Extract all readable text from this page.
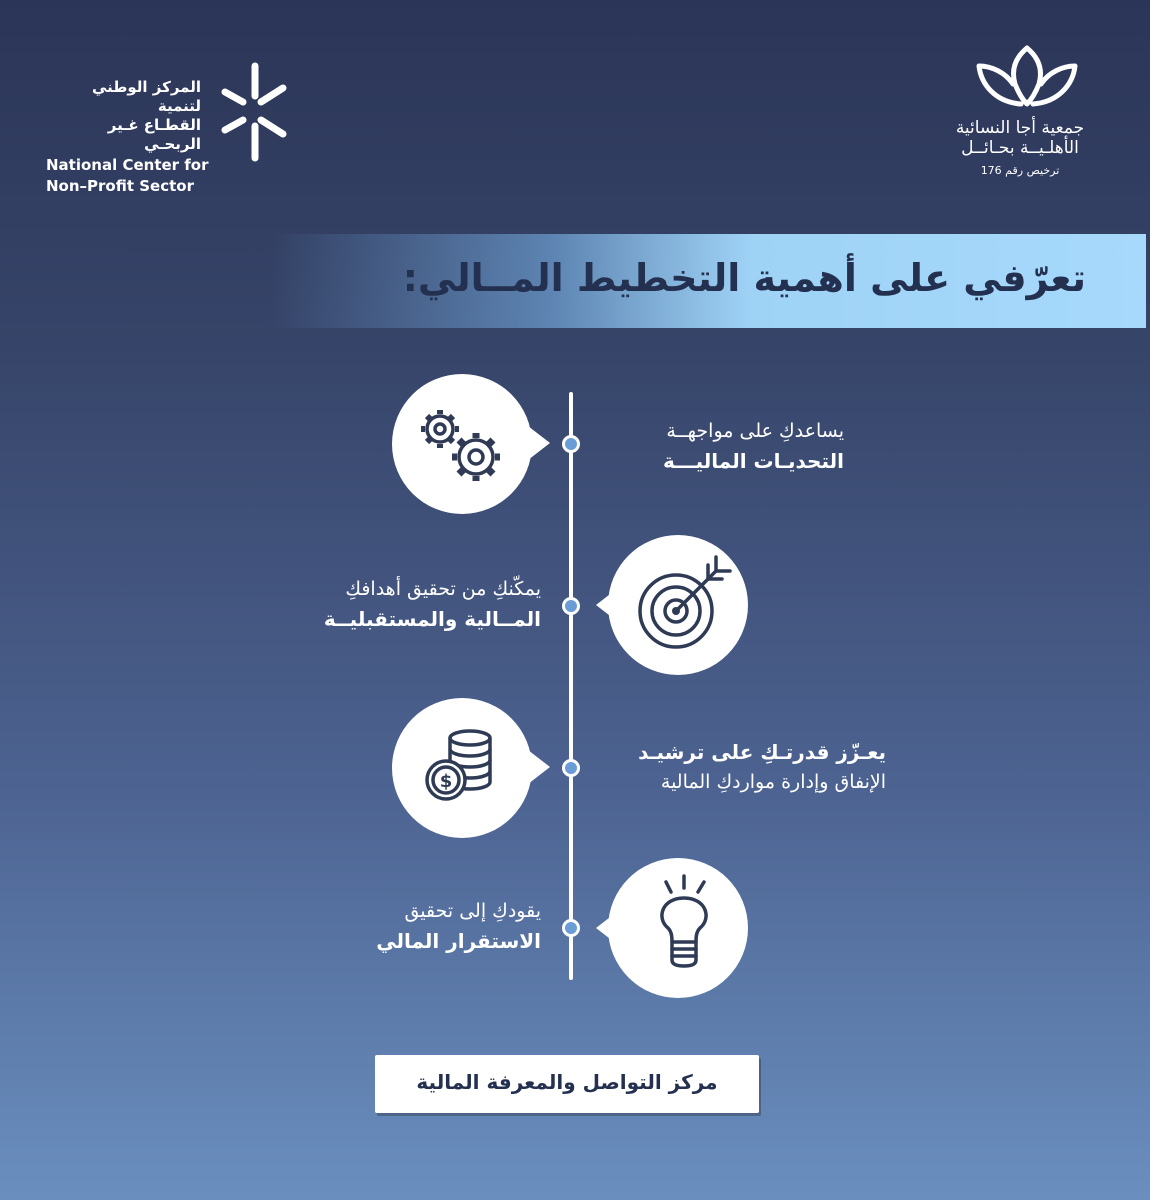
المركز الوطني لتنمية
القطـاع غـير الربحـي
National Center for
Non–Profit Sector
جمعية أجا النسائية
الأهلـيــة بحـائــل
ترخيص رقم 176
تعرّفي على أهمية التخطيط المــالي:
يساعدكِ على مواجهــة
التحديـات الماليـــة
يمكّنكِ من تحقيق أهدافكِ
المــالية والمستقبليــة
$
يعـزّز قدرتـكِ على ترشيـد
الإنفاق وإدارة مواردكِ المالية
يقودكِ إلى تحقيق
الاستقرار المالي
مركز التواصل والمعرفة المالية
